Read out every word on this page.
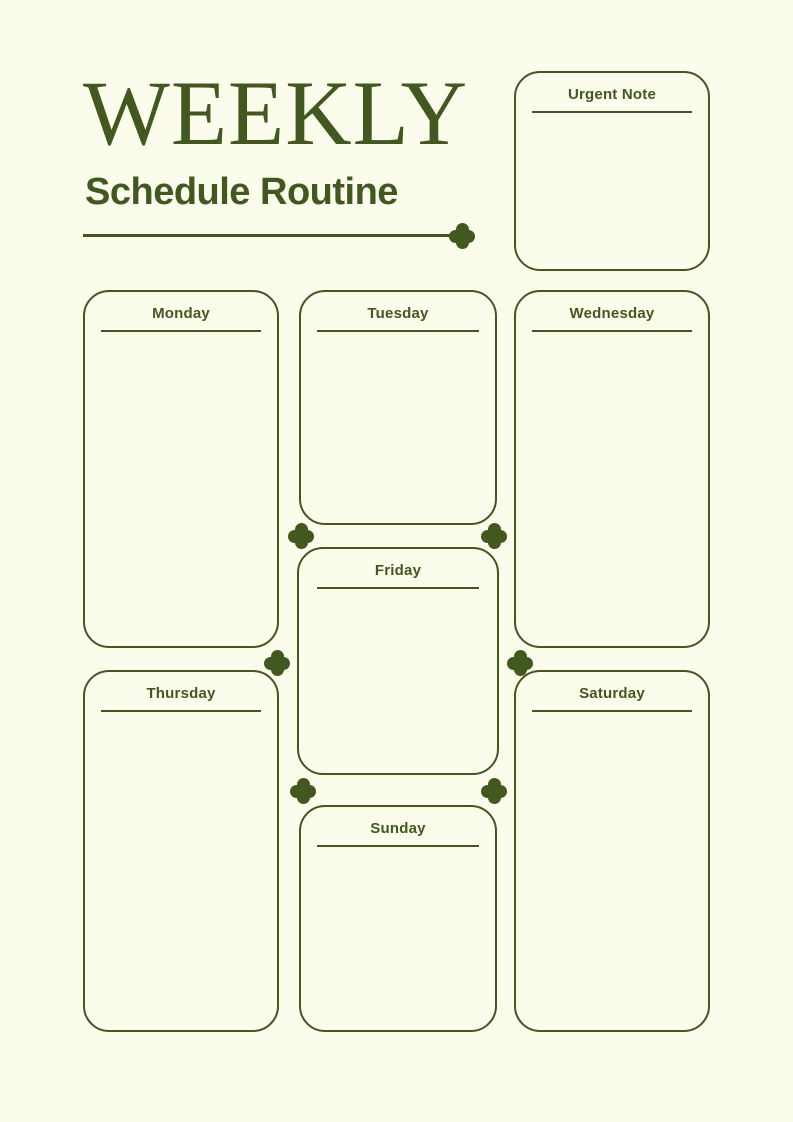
WEEKLY
Schedule Routine
Urgent Note
Monday	Tuesday	Wednesday
Friday
Thursday	Saturday
Sunday
